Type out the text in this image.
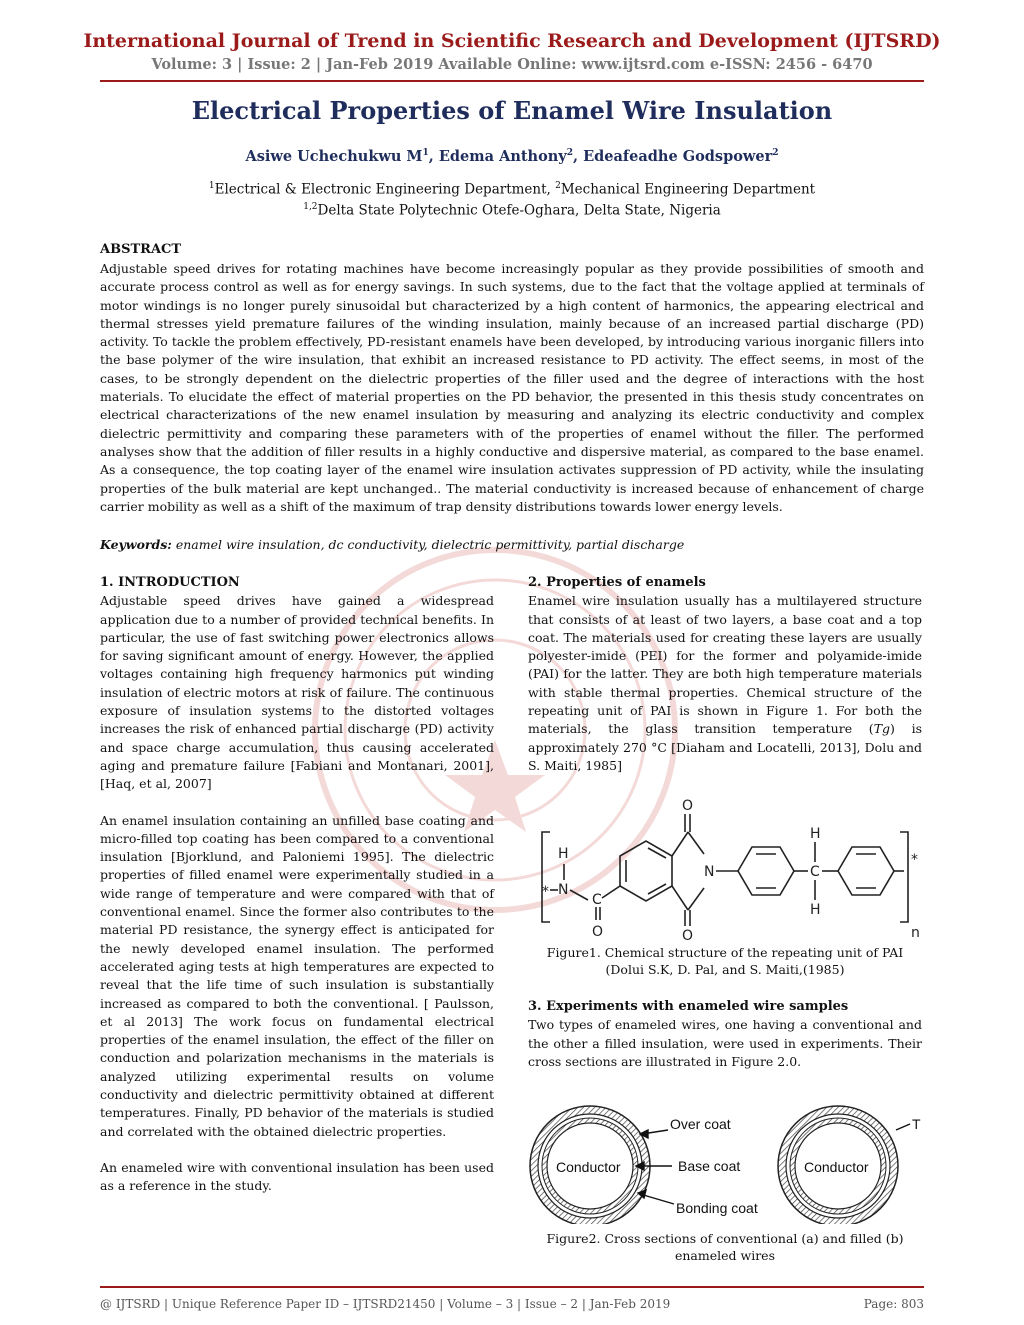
International Journal of Trend in Scientific Research and Development (IJTSRD)
Volume: 3 | Issue: 2 | Jan-Feb 2019 Available Online: www.ijtsrd.com e-ISSN: 2456 - 6470
Electrical Properties of Enamel Wire Insulation
Asiwe Uchechukwu $M^1$, Edema Anthony$^2$, Edeafeadhe Godspower$^2$
$^1$Electrical & Electronic Engineering Department, $^2$Mechanical Engineering Department
$^{1,2}$Delta State Polytechnic Otefe-Oghara, Delta State, Nigeria
ABSTRACT

Adjustable speed drives for rotating machines have become increasingly popular as they provide possibilities of smooth and accurate process control as well as for energy savings. In such systems, due to the fact that the voltage applied at terminals of motor windings is no longer purely sinusoidal but characterized by a high content of harmonics, the appearing electrical and thermal stresses yield premature failures of the winding insulation, mainly because of an increased partial discharge (PD) activity. To tackle the problem effectively, PD-resistant enamels have been developed, by introducing various inorganic fillers into the base polymer of the wire insulation, that exhibit an increased resistance to PD activity. The effect seems, in most of the cases, to be strongly dependent on the dielectric properties of the filler used and the degree of interactions with the host materials. To elucidate the effect of material properties on the PD behavior, the presented in this thesis study concentrates on electrical characterizations of the new enamel insulation by measuring and analyzing its electric conductivity and complex dielectric permittivity and comparing these parameters with of the properties of enamel without the filler. The performed analyses show that the addition of filler results in a highly conductive and dispersive material, as compared to the base enamel. As a consequence, the top coating layer of the enamel wire insulation activates suppression of PD activity, while the insulating properties of the bulk material are kept unchanged.. The material conductivity is increased because of enhancement of charge carrier mobility as well as a shift of the maximum of trap density distributions towards lower energy levels.

Keywords: enamel wire insulation, dc conductivity, dielectric permittivity, partial discharge
1. INTRODUCTION

Adjustable speed drives have gained a widespread application due to a number of provided technical benefits. In particular, the use of fast switching power electronics allows for saving significant amount of energy. However, the applied voltages containing high frequency harmonics put winding insulation of electric motors at risk of failure. The continuous exposure of insulation systems to the distorted voltages increases the risk of enhanced partial discharge (PD) activity and space charge accumulation, thus causing accelerated aging and premature failure [Fabiani and Montanari, 2001], [Haq, et al, 2007]

An enamel insulation containing an unfilled base coating and micro-filled top coating has been compared to a conventional insulation [Bjorklund, and Paloniemi 1995]. The dielectric properties of filled enamel were experimentally studied in a wide range of temperature and were compared with that of conventional enamel. Since the former also contributes to the material PD resistance, the synergy effect is anticipated for the newly developed enamel insulation. The performed accelerated aging tests at high temperatures are expected to reveal that the life time of such insulation is substantially increased as compared to both the conventional. [ Paulsson, et al 2013] The work focus on fundamental electrical properties of the enamel insulation, the effect of the filler on conduction and polarization mechanisms in the materials is analyzed utilizing experimental results on volume conductivity and dielectric permittivity obtained at different temperatures. Finally, PD behavior of the materials is studied and correlated with the obtained dielectric properties.

An enameled wire with conventional insulation has been used as a reference in the study.

2. Properties of enamels

Enamel wire insulation usually has a multilayered structure that consists of at least of two layers, a base coat and a top coat. The materials used for creating these layers are usually polyester-imide (PEI) for the former and polyamide-imide (PAI) for the latter. They are both high temperature materials with stable thermal properties. Chemical structure of the repeating unit of PAI is shown in Figure 1. For both the materials, the glass transition temperature (Tg) is approximately 270 °C [Diaham and Locatelli, 2013], Dolu and S. Maiti, 1985]

H
N
*	C
O
O
O
N
H
C
H
*
n
Figure1. Chemical structure of the repeating unit of PAI
(Dolui S.K, D. Pal, and S. Maiti,(1985)
3. Experiments with enameled wire samples

Two types of enameled wires, one having a conventional and the other a filled insulation, were used in experiments. Their cross sections are illustrated in Figure 2.0.

Conductor
Over coat
Base coat
Bonding coat
Conductor
T
Figure2. Cross sections of conventional (a) and filled (b)
enameled wires
@ IJTSRD | Unique Reference Paper ID – IJTSRD21450 | Volume – 3 | Issue – 2 | Jan-Feb 2019	Page: 803
